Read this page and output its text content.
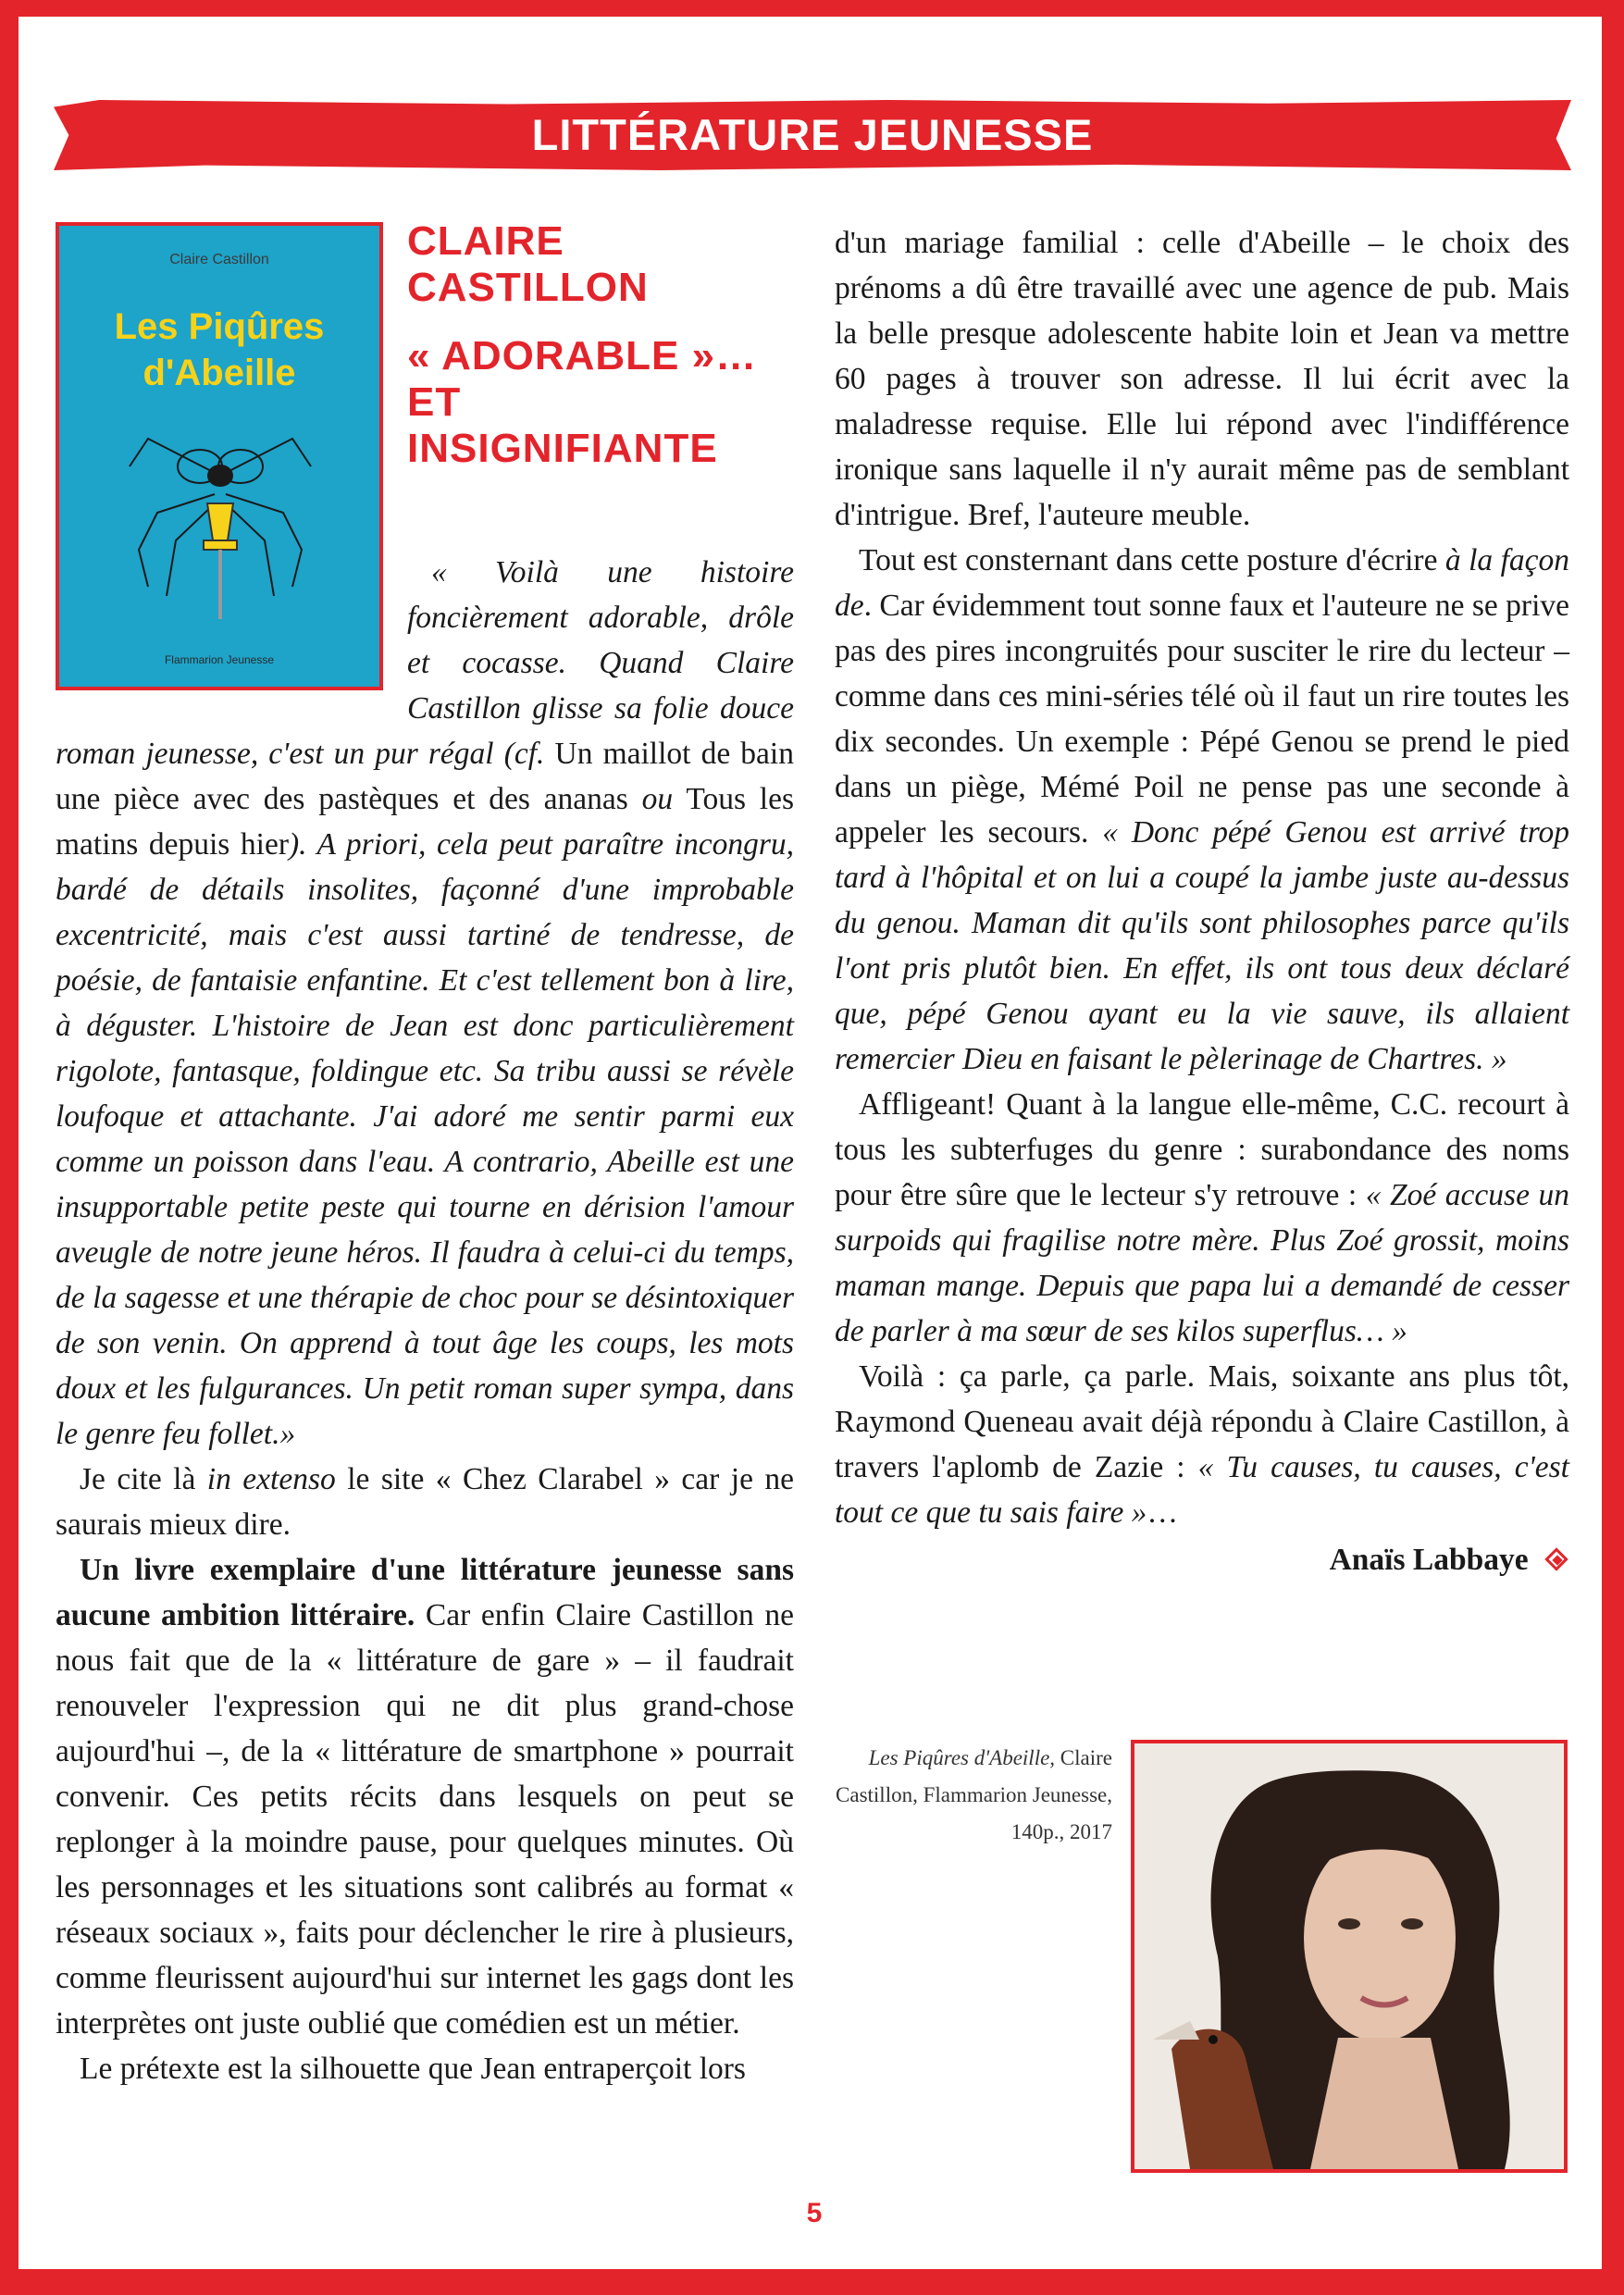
LITTÉRATURE JEUNESSE
Claire Castillon
Les Piqûres
d'Abeille
Flammarion Jeunesse
CLAIRE
CASTILLON
« ADORABLE »…
ET
INSIGNIFIANTE

« Voilà une histoire foncièrement adorable, drôle et cocasse. Quand Claire Castillon glisse sa folie douce

roman jeunesse, c'est un pur régal (cf. Un maillot de bain une pièce avec des pastèques et des ananas ou Tous les matins depuis hier). A priori, cela peut paraître incongru, bardé de détails insolites, façonné d'une improbable excentricité, mais c'est aussi tartiné de tendresse, de poésie, de fantaisie enfantine. Et c'est tellement bon à lire, à déguster. L'histoire de Jean est donc particulièrement rigolote, fantasque, foldingue etc. Sa tribu aussi se révèle loufoque et attachante. J'ai adoré me sentir parmi eux comme un poisson dans l'eau. A contrario, Abeille est une insupportable petite peste qui tourne en dérision l'amour aveugle de notre jeune héros. Il faudra à celui-ci du temps, de la sagesse et une thérapie de choc pour se désintoxiquer de son venin. On apprend à tout âge les coups, les mots doux et les fulgurances. Un petit roman super sympa, dans le genre feu follet.»

Je cite là in extenso le site « Chez Clarabel » car je ne saurais mieux dire.

Un livre exemplaire d'une littérature jeunesse sans aucune ambition littéraire. Car enfin Claire Castillon ne nous fait que de la « littérature de gare » – il faudrait renouveler l'expression qui ne dit plus grand-chose aujourd'hui –, de la « littérature de smartphone » pourrait convenir. Ces petits récits dans lesquels on peut se replonger à la moindre pause, pour quelques minutes. Où les personnages et les situations sont calibrés au format « réseaux sociaux », faits pour déclencher le rire à plusieurs, comme fleurissent aujourd'hui sur internet les gags dont les interprètes ont juste oublié que comédien est un métier.

Le prétexte est la silhouette que Jean entraperçoit lors

d'un mariage familial : celle d'Abeille – le choix des prénoms a dû être travaillé avec une agence de pub. Mais la belle presque adolescente habite loin et Jean va mettre 60 pages à trouver son adresse. Il lui écrit avec la maladresse requise. Elle lui répond avec l'indifférence ironique sans laquelle il n'y aurait même pas de semblant d'intrigue. Bref, l'auteure meuble.

Tout est consternant dans cette posture d'écrire à la façon de. Car évidemment tout sonne faux et l'auteure ne se prive pas des pires incongruités pour susciter le rire du lecteur – comme dans ces mini-séries télé où il faut un rire toutes les dix secondes. Un exemple : Pépé Genou se prend le pied dans un piège, Mémé Poil ne pense pas une seconde à appeler les secours. « Donc pépé Genou est arrivé trop tard à l'hôpital et on lui a coupé la jambe juste au-dessus du genou. Maman dit qu'ils sont philosophes parce qu'ils l'ont pris plutôt bien. En effet, ils ont tous deux déclaré que, pépé Genou ayant eu la vie sauve, ils allaient remercier Dieu en faisant le pèlerinage de Chartres. »

Affligeant! Quant à la langue elle-même, C.C. recourt à tous les subterfuges du genre : surabondance des noms pour être sûre que le lecteur s'y retrouve : « Zoé accuse un surpoids qui fragilise notre mère. Plus Zoé grossit, moins maman mange. Depuis que papa lui a demandé de cesser de parler à ma sœur de ses kilos superflus… »

Voilà : ça parle, ça parle. Mais, soixante ans plus tôt, Raymond Queneau avait déjà répondu à Claire Castillon, à travers l'aplomb de Zazie : « Tu causes, tu causes, c'est tout ce que tu sais faire »…

Anaïs Labbaye

Les Piqûres d'Abeille, Claire Castillon, Flammarion Jeunesse, 140p., 2017
5
